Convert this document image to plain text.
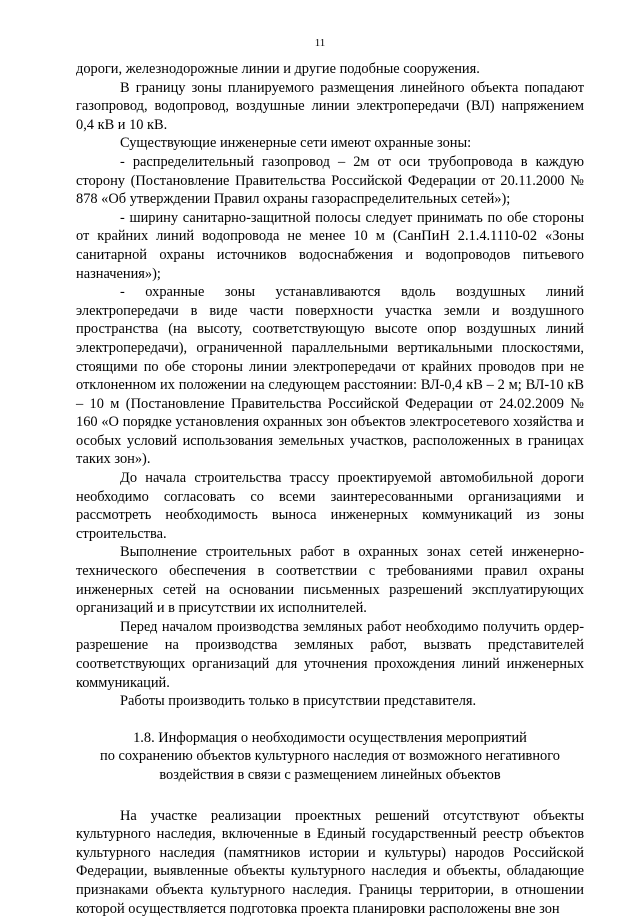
11

дороги, железнодорожные линии и другие подобные сооружения.

В границу зоны планируемого размещения линейного объекта попадают газопровод, водопровод, воздушные линии электропередачи (ВЛ) напряжением 0,4 кВ и 10 кВ.

Существующие инженерные сети имеют охранные зоны:

- распределительный газопровод – 2м от оси трубопровода в каждую сторону (Постановление Правительства Российской Федерации от 20.11.2000 № 878 «Об утверждении Правил охраны газораспределительных сетей»);

- ширину санитарно-защитной полосы следует принимать по обе стороны от крайних линий водопровода не менее 10 м (СанПиН 2.1.4.1110-02 «Зоны санитарной охраны источников водоснабжения и водопроводов питьевого назначения»);

- охранные зоны устанавливаются вдоль воздушных линий электропередачи в виде части поверхности участка земли и воздушного пространства (на высоту, соответствующую высоте опор воздушных линий электропередачи), ограниченной параллельными вертикальными плоскостями, стоящими по обе стороны линии электропередачи от крайних проводов при не отклоненном их положении на следующем расстоянии: ВЛ-0,4 кВ – 2 м; ВЛ-10 кВ – 10 м (Постановление Правительства Российской Федерации от 24.02.2009 № 160 «О порядке установления охранных зон объектов электросетевого хозяйства и особых условий использования земельных участков, расположенных в границах таких зон»).

До начала строительства трассу проектируемой автомобильной дороги необходимо согласовать со всеми заинтересованными организациями и рассмотреть необходимость выноса инженерных коммуникаций из зоны строительства.

Выполнение строительных работ в охранных зонах сетей инженерно-технического обеспечения в соответствии с требованиями правил охраны инженерных сетей на основании письменных разрешений эксплуатирующих организаций и в присутствии их исполнителей.

Перед началом производства земляных работ необходимо получить ордер-разрешение на производства земляных работ, вызвать представителей соответствующих организаций для уточнения прохождения линий инженерных коммуникаций.

Работы производить только в присутствии представителя.

1.8. Информация о необходимости осуществления мероприятий
по сохранению объектов культурного наследия от возможного негативного
воздействия в связи с размещением линейных объектов

На участке реализации проектных решений отсутствуют объекты культурного наследия, включенные в Единый государственный реестр объектов культурного наследия (памятников истории и культуры) народов Российской Федерации, выявленные объекты культурного наследия и объекты, обладающие признаками объекта культурного наследия. Границы территории, в отношении которой осуществляется подготовка проекта планировки расположены вне зон
